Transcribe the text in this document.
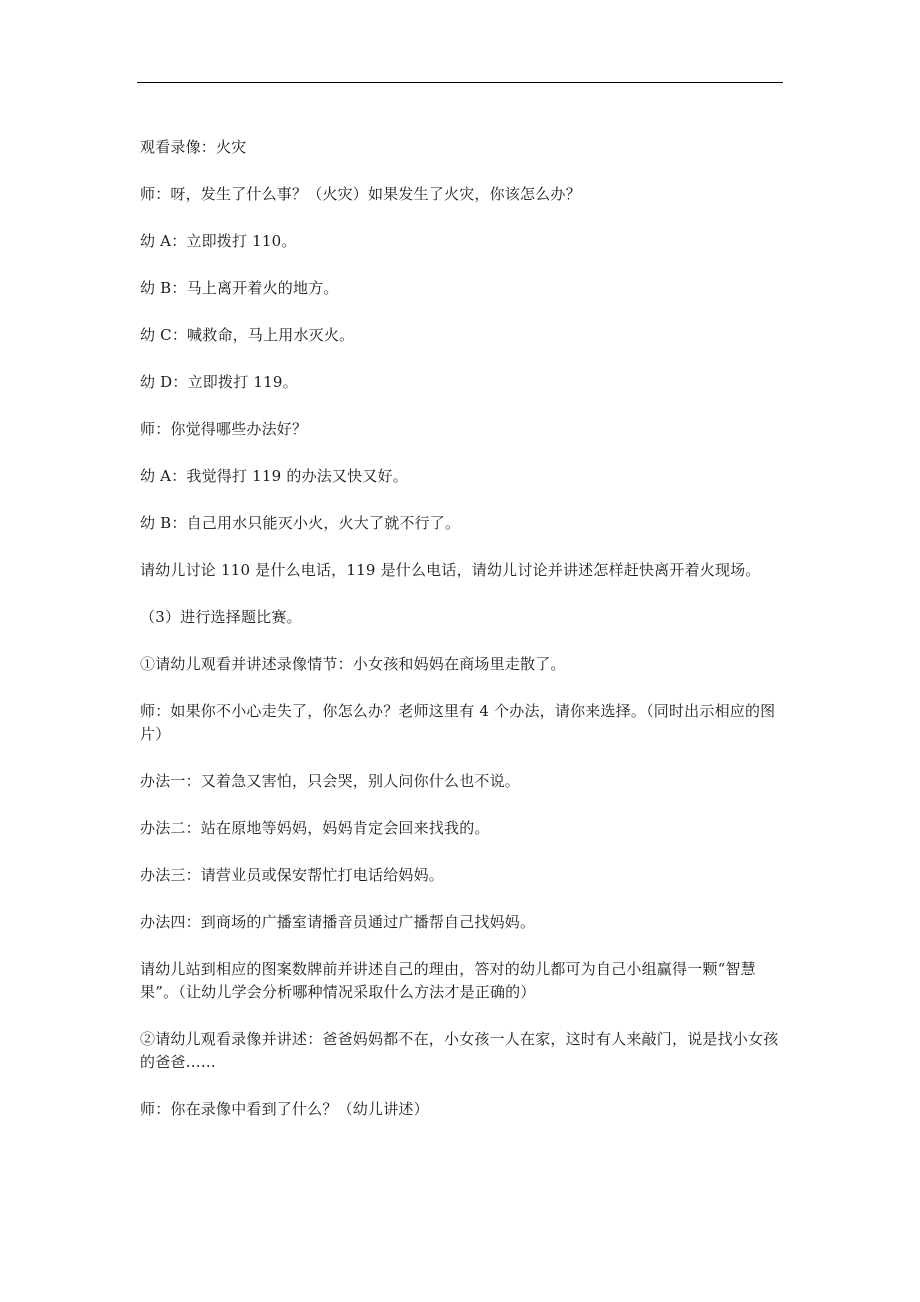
观看录像：火灾

师：呀，发生了什么事？（火灾）如果发生了火灾，你该怎么办？

幼 A：立即拨打 110。

幼 B：马上离开着火的地方。

幼 C：喊救命，马上用水灭火。

幼 D：立即拨打 119。

师：你觉得哪些办法好？

幼 A：我觉得打 119 的办法又快又好。

幼 B：自己用水只能灭小火，火大了就不行了。

请幼儿讨论 110 是什么电话，119 是什么电话，请幼儿讨论并讲述怎样赶快离开着火现场。

（3）进行选择题比赛。

①请幼儿观看并讲述录像情节：小女孩和妈妈在商场里走散了。

师：如果你不小心走失了，你怎么办？老师这里有 4 个办法，请你来选择。（同时出示相应的图片）

办法一：又着急又害怕，只会哭，别人问你什么也不说。

办法二：站在原地等妈妈，妈妈肯定会回来找我的。

办法三：请营业员或保安帮忙打电话给妈妈。

办法四：到商场的广播室请播音员通过广播帮自己找妈妈。

请幼儿站到相应的图案数牌前并讲述自己的理由，答对的幼儿都可为自己小组赢得一颗“智慧果”。（让幼儿学会分析哪种情况采取什么方法才是正确的）

②请幼儿观看录像并讲述：爸爸妈妈都不在，小女孩一人在家，这时有人来敲门，说是找小女孩的爸爸……

师：你在录像中看到了什么？（幼儿讲述）
